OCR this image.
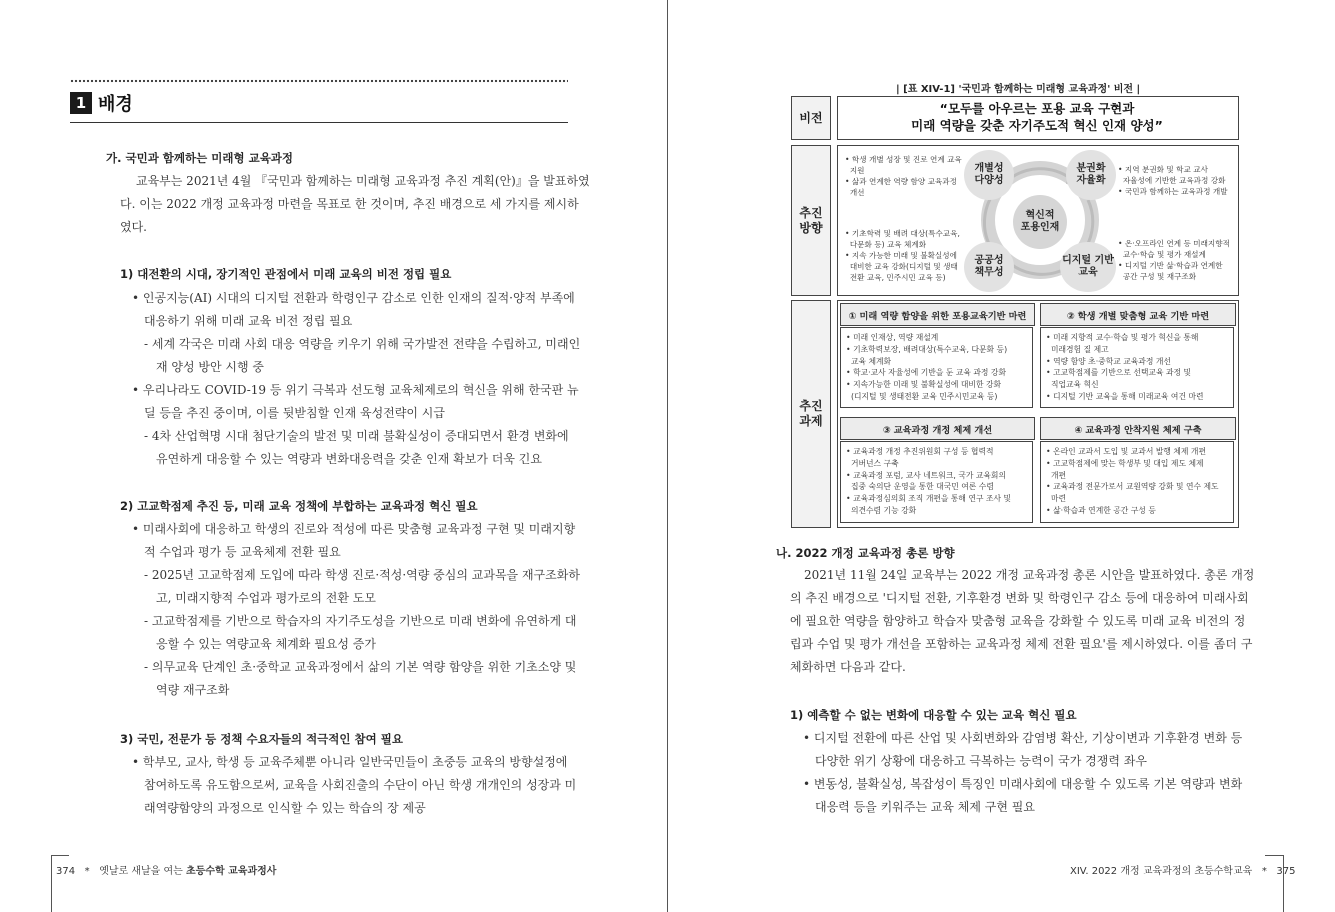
1 배경
가. 국민과 함께하는 미래형 교육과정
교육부는 2021년 4월 『국민과 함께하는 미래형 교육과정 추진 계획(안)』을 발표하였
다. 이는 2022 개정 교육과정 마련을 목표로 한 것이며, 추진 배경으로 세 가지를 제시하
였다.
1) 대전환의 시대, 장기적인 관점에서 미래 교육의 비전 정립 필요
• 인공지능(AI) 시대의 디지털 전환과 학령인구 감소로 인한 인재의 질적·양적 부족에
대응하기 위해 미래 교육 비전 정립 필요
- 세계 각국은 미래 사회 대응 역량을 키우기 위해 국가발전 전략을 수립하고, 미래인
재 양성 방안 시행 중
• 우리나라도 COVID-19 등 위기 극복과 선도형 교육체제로의 혁신을 위해 한국판 뉴
딜 등을 추진 중이며, 이를 뒷받침할 인재 육성전략이 시급
- 4차 산업혁명 시대 첨단기술의 발전 및 미래 불확실성이 증대되면서 환경 변화에
유연하게 대응할 수 있는 역량과 변화대응력을 갖춘 인재 확보가 더욱 긴요
2) 고교학점제 추진 등, 미래 교육 정책에 부합하는 교육과정 혁신 필요
• 미래사회에 대응하고 학생의 진로와 적성에 따른 맞춤형 교육과정 구현 및 미래지향
적 수업과 평가 등 교육체제 전환 필요
- 2025년 고교학점제 도입에 따라 학생 진로·적성·역량 중심의 교과목을 재구조화하
고, 미래지향적 수업과 평가로의 전환 도모
- 고교학점제를 기반으로 학습자의 자기주도성을 기반으로 미래 변화에 유연하게 대
응할 수 있는 역량교육 체계화 필요성 증가
- 의무교육 단계인 초·중학교 교육과정에서 삶의 기본 역량 함양을 위한 기초소양 및
역량 재구조화
3) 국민, 전문가 등 정책 수요자들의 적극적인 참여 필요
• 학부모, 교사, 학생 등 교육주체뿐 아니라 일반국민들이 초중등 교육의 방향설정에
참여하도록 유도함으로써, 교육을 사회진출의 수단이 아닌 학생 개개인의 성장과 미
래역량함양의 과정으로 인식할 수 있는 학습의 장 제공
374 * 옛날로 새날을 여는 초등수학 교육과정사
| [표 XIV-1] '국민과 함께하는 미래형 교육과정' 비전 |
비전
“모두를 아우르는 포용 교육 구현과
미래 역량을 갖춘 자기주도적 혁신 인재 양성”
추진
방향
혁신적
포용인재
개별성
다양성
분권화
자율화
공공성
책무성
디지털 기반
교육
• 학생 개별 성장 및 진로 연계 교육
지원
• 삶과 연계한 역량 함양 교육과정
개선
• 지역 분권화 및 학교 교사
자율성에 기반한 교육과정 강화
• 국민과 함께하는 교육과정 개발
• 기초학력 및 배려 대상(특수교육,
다문화 등) 교육 체계화
• 지속 가능한 미래 및 불확실성에
대비한 교육 강화(디지털 및 생태
전환 교육, 민주시민 교육 등)
• 온·오프라인 연계 등 미래지향적
교수·학습 및 평가 재설계
• 디지털 기반 삶·학습과 연계한
공간 구성 및 재구조화
추진
과제
① 미래 역량 함양을 위한 포용교육기반 마련
• 미래 인재상, 역량 재설계
• 기초학력보장, 배려대상(특수교육, 다문화 등)
교육 체계화
• 학교·교사 자율성에 기반을 둔 교육 과정 강화
• 지속가능한 미래 및 불확실성에 대비한 강화
(디지털 및 생태전환 교육 민주시민교육 등)
② 학생 개별 맞춤형 교육 기반 마련
• 미래 지향적 교수·학습 및 평가 혁신을 통해
미래경험 질 제고
• 역량 함양 초·중학교 교육과정 개선
• 고교학점제를 기반으로 선택교육 과정 및
직업교육 혁신
• 디지털 기반 교육을 통해 미래교육 여건 마련
③ 교육과정 개정 체제 개선
• 교육과정 개정 추진위원회 구성 등 협력적
거버넌스 구축
• 교육과정 포럼, 교사 네트워크, 국가 교육회의
집중 숙의단 운영을 통한 대국민 여론 수렴
• 교육과정심의회 조직 개편을 통해 연구 조사 및
의견수렴 기능 강화
④ 교육과정 안착지원 체제 구축
• 온라인 교과서 도입 및 교과서 발행 체제 개편
• 고교학점제에 맞는 학생부 및 대입 제도 체제
개편
• 교육과정 전문가로서 교원역량 강화 및 연수 제도
마련
• 삶·학습과 연계한 공간 구성 등
나. 2022 개정 교육과정 총론 방향
2021년 11월 24일 교육부는 2022 개정 교육과정 총론 시안을 발표하였다. 총론 개정
의 추진 배경으로 '디지털 전환, 기후환경 변화 및 학령인구 감소 등에 대응하여 미래사회
에 필요한 역량을 함양하고 학습자 맞춤형 교육을 강화할 수 있도록 미래 교육 비전의 정
립과 수업 및 평가 개선을 포함하는 교육과정 체제 전환 필요'를 제시하였다. 이를 좀더 구
체화하면 다음과 같다.
1) 예측할 수 없는 변화에 대응할 수 있는 교육 혁신 필요
• 디지털 전환에 따른 산업 및 사회변화와 감염병 확산, 기상이변과 기후환경 변화 등
다양한 위기 상황에 대응하고 극복하는 능력이 국가 경쟁력 좌우
• 변동성, 불확실성, 복잡성이 특징인 미래사회에 대응할 수 있도록 기본 역량과 변화
대응력 등을 키워주는 교육 체제 구현 필요
XIV. 2022 개정 교육과정의 초등수학교육 * 375
